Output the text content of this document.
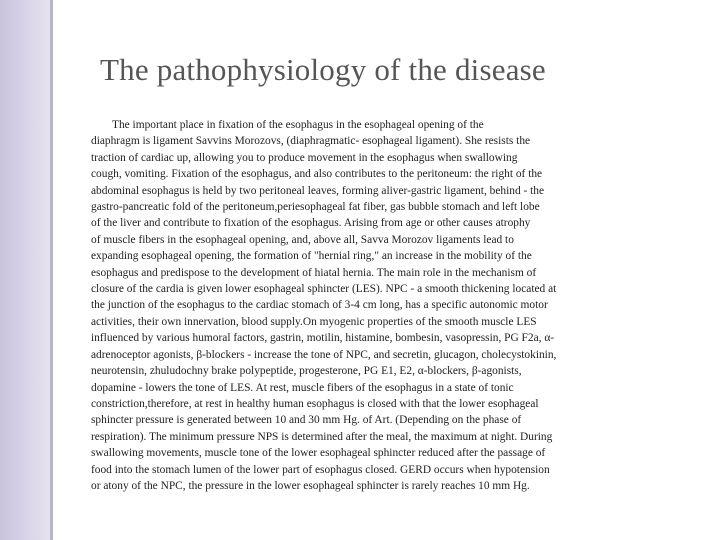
The pathophysiology of the disease
The important place in fixation of the esophagus in the esophageal opening of the
diaphragm is ligament Savvins Morozovs, (diaphragmatic- esophageal ligament). She resists the
traction of cardiac up, allowing you to produce movement in the esophagus when swallowing
cough, vomiting. Fixation of the esophagus, and also contributes to the peritoneum: the right of the
abdominal esophagus is held by two peritoneal leaves, forming aliver-gastric ligament, behind - the
gastro-pancreatic fold of the peritoneum,periesophageal fat fiber, gas bubble stomach and left lobe
of the liver and contribute to fixation of the esophagus. Arising from age or other causes atrophy
of muscle fibers in the esophageal opening, and, above all, Savva Morozov ligaments lead to
expanding esophageal opening, the formation of "hernial ring," an increase in the mobility of the
esophagus and predispose to the development of hiatal hernia. The main role in the mechanism of
closure of the cardia is given lower esophageal sphincter (LES). NPC - a smooth thickening located at
the junction of the esophagus to the cardiac stomach of 3-4 cm long, has a specific autonomic motor
activities, their own innervation, blood supply.On myogenic properties of the smooth muscle LES
influenced by various humoral factors, gastrin, motilin, histamine, bombesin, vasopressin, PG F2a, α-
adrenoceptor agonists, β-blockers - increase the tone of NPC, and secretin, glucagon, cholecystokinin,
neurotensin, zhuludochny brake polypeptide, progesterone, PG E1, E2, α-blockers, β-agonists,
dopamine - lowers the tone of LES. At rest, muscle fibers of the esophagus in a state of tonic
constriction,therefore, at rest in healthy human esophagus is closed with that the lower esophageal
sphincter pressure is generated between 10 and 30 mm Hg. of Art. (Depending on the phase of
respiration). The minimum pressure NPS is determined after the meal, the maximum at night. During
swallowing movements, muscle tone of the lower esophageal sphincter reduced after the passage of
food into the stomach lumen of the lower part of esophagus closed. GERD occurs when hypotension
or atony of the NPC, the pressure in the lower esophageal sphincter is rarely reaches 10 mm Hg.
